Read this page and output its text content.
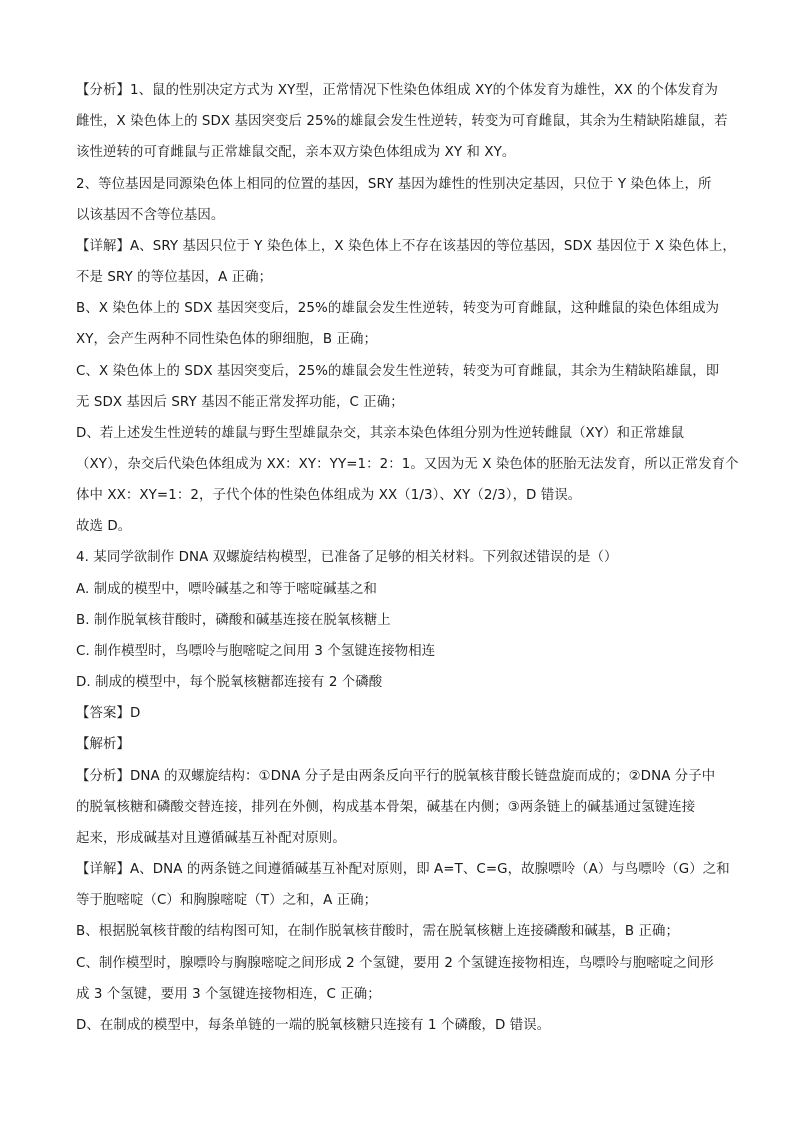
【分析】1、鼠的性别决定方式为 XY型，正常情况下性染色体组成 XY的个体发育为雄性，XX 的个体发育为
雌性，X 染色体上的 SDX 基因突变后 25%的雄鼠会发生性逆转，转变为可育雌鼠，其余为生精缺陷雄鼠，若
该性逆转的可育雌鼠与正常雄鼠交配，亲本双方染色体组成为 XY 和 XY。
2、等位基因是同源染色体上相同的位置的基因，SRY 基因为雄性的性别决定基因，只位于 Y 染色体上，所
以该基因不含等位基因。
【详解】A、SRY 基因只位于 Y 染色体上，X 染色体上不存在该基因的等位基因，SDX 基因位于 X 染色体上，
不是 SRY 的等位基因，A 正确；
B、X 染色体上的 SDX 基因突变后，25%的雄鼠会发生性逆转，转变为可育雌鼠，这种雌鼠的染色体组成为
XY，会产生两种不同性染色体的卵细胞，B 正确；
C、X 染色体上的 SDX 基因突变后，25%的雄鼠会发生性逆转，转变为可育雌鼠，其余为生精缺陷雄鼠，即
无 SDX 基因后 SRY 基因不能正常发挥功能，C 正确；
D、若上述发生性逆转的雄鼠与野生型雄鼠杂交，其亲本染色体组分别为性逆转雌鼠（XY）和正常雄鼠
（XY），杂交后代染色体组成为 XX：XY：YY=1：2：1。又因为无 X 染色体的胚胎无法发育，所以正常发育个
体中 XX：XY=1：2，子代个体的性染色体组成为 XX（1/3）、XY（2/3），D 错误。
故选 D。
4. 某同学欲制作 DNA 双螺旋结构模型，已准备了足够的相关材料。下列叙述错误的是（）
A. 制成的模型中，嘌呤碱基之和等于嘧啶碱基之和
B. 制作脱氧核苷酸时，磷酸和碱基连接在脱氧核糖上
C. 制作模型时，鸟嘌呤与胞嘧啶之间用 3 个氢键连接物相连
D. 制成的模型中，每个脱氧核糖都连接有 2 个磷酸
【答案】D
【解析】
【分析】DNA 的双螺旋结构：①DNA 分子是由两条反向平行的脱氧核苷酸长链盘旋而成的；②DNA 分子中
的脱氧核糖和磷酸交替连接，排列在外侧，构成基本骨架，碱基在内侧；③两条链上的碱基通过氢键连接
起来，形成碱基对且遵循碱基互补配对原则。
【详解】A、DNA 的两条链之间遵循碱基互补配对原则，即 A=T、C=G，故腺嘌呤（A）与鸟嘌呤（G）之和
等于胞嘧啶（C）和胸腺嘧啶（T）之和，A 正确；
B、根据脱氧核苷酸的结构图可知，在制作脱氧核苷酸时，需在脱氧核糖上连接磷酸和碱基，B 正确；
C、制作模型时，腺嘌呤与胸腺嘧啶之间形成 2 个氢键，要用 2 个氢键连接物相连，鸟嘌呤与胞嘧啶之间形
成 3 个氢键，要用 3 个氢键连接物相连，C 正确；
D、在制成的模型中，每条单链的一端的脱氧核糖只连接有 1 个磷酸，D 错误。
